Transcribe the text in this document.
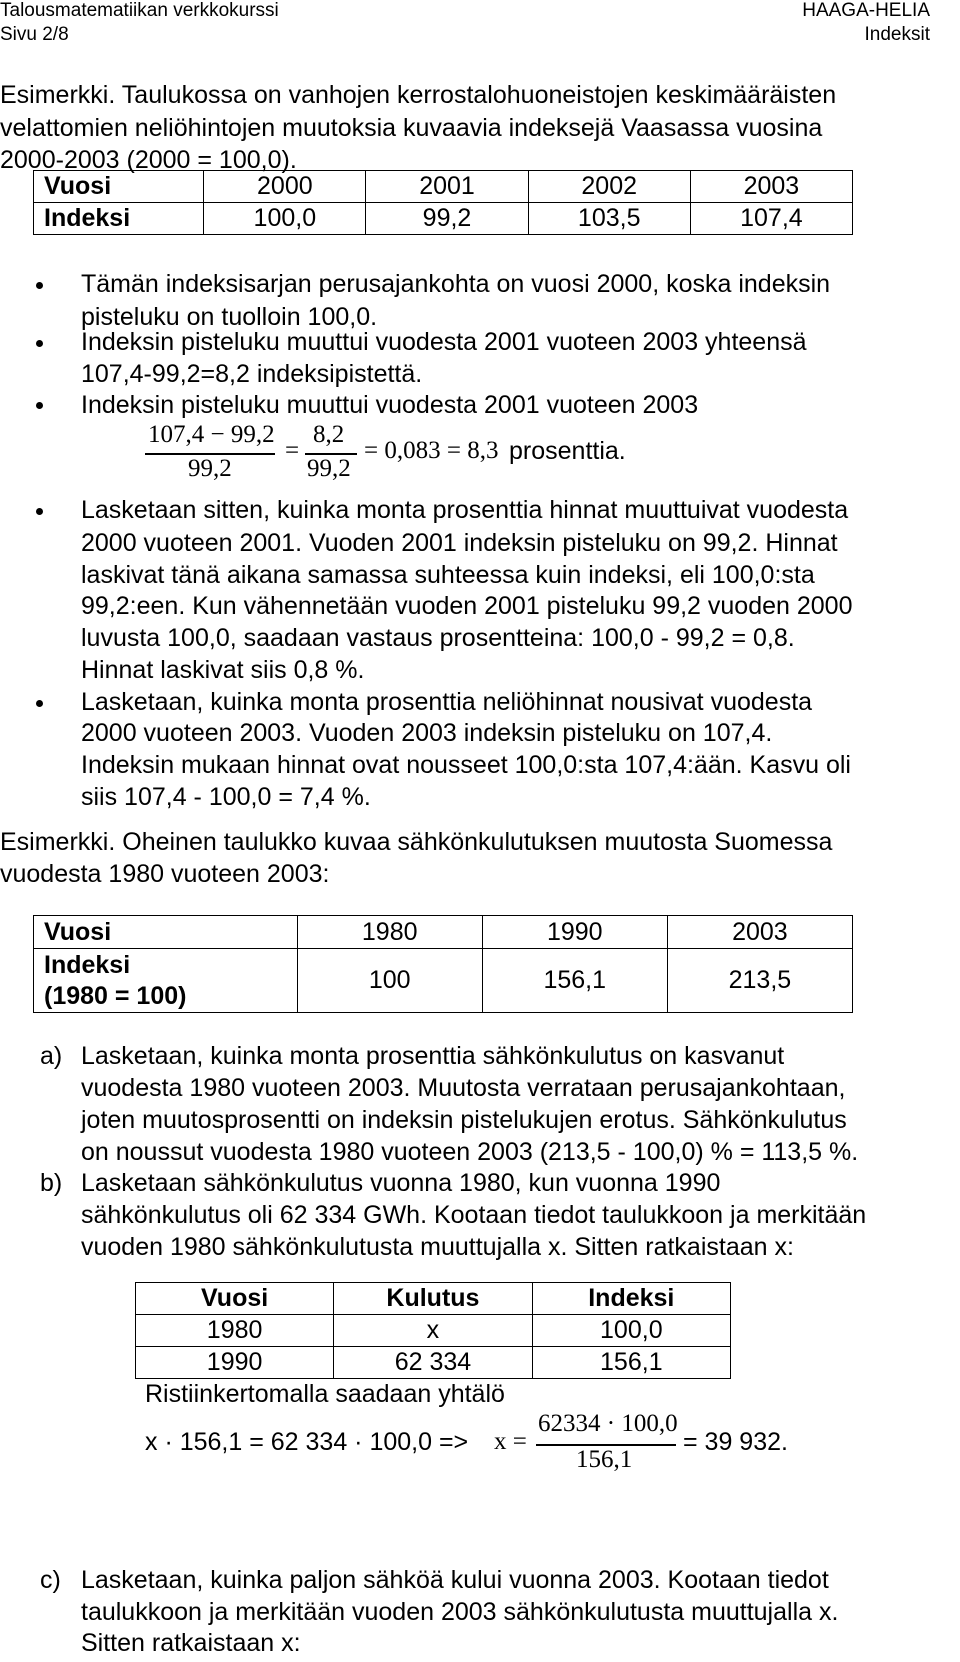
Talousmatematiikan verkkokurssi
Sivu 2/8
HAAGA-HELIA
Indeksit

Esimerkki. Taulukossa on vanhojen kerrostalohuoneistojen keskimääräisten

velattomien neliöhintojen muutoksia kuvaavia indeksejä Vaasassa vuosina

2000-2003 (2000 = 100,0).

Vuosi	2000	2001	2002	2003
Indeksi	100,0	99,2	103,5	107,4

Tämän indeksisarjan perusajankohta on vuosi 2000, koska indeksin

pisteluku on tuolloin 100,0.

Indeksin pisteluku muuttui vuodesta 2001 vuoteen 2003 yhteensä

107,4-99,2=8,2 indeksipistettä.

Indeksin pisteluku muuttui vuodesta 2001 vuoteen 2003

107,4 − 99,2
99,2
=
8,2
99,2
= 0,083 = 8,3 prosenttia.

Lasketaan sitten, kuinka monta prosenttia hinnat muuttuivat vuodesta

2000 vuoteen 2001. Vuoden 2001 indeksin pisteluku on 99,2. Hinnat

laskivat tänä aikana samassa suhteessa kuin indeksi, eli 100,0:sta

99,2:een. Kun vähennetään vuoden 2001 pisteluku 99,2 vuoden 2000

luvusta 100,0, saadaan vastaus prosentteina: 100,0 - 99,2 = 0,8.

Hinnat laskivat siis 0,8 %.

Lasketaan, kuinka monta prosenttia neliöhinnat nousivat vuodesta

2000 vuoteen 2003. Vuoden 2003 indeksin pisteluku on 107,4.

Indeksin mukaan hinnat ovat nousseet 100,0:sta 107,4:ään. Kasvu oli

siis 107,4 - 100,0 = 7,4 %.

Esimerkki. Oheinen taulukko kuvaa sähkönkulutuksen muutosta Suomessa

vuodesta 1980 vuoteen 2003:

Vuosi	1980	1990	2003

Indeksi
(1980 = 100)	100	156,1	213,5
a) Lasketaan, kuinka monta prosenttia sähkönkulutus on kasvanut

vuodesta 1980 vuoteen 2003. Muutosta verrataan perusajankohtaan,

joten muutosprosentti on indeksin pistelukujen erotus. Sähkönkulutus

on noussut vuodesta 1980 vuoteen 2003 (213,5 - 100,0) % = 113,5 %.

b) Lasketaan sähkönkulutus vuonna 1980, kun vuonna 1990

sähkönkulutus oli 62 334 GWh. Kootaan tiedot taulukkoon ja merkitään

vuoden 1980 sähkönkulutusta muuttujalla x. Sitten ratkaistaan x:

Vuosi	Kulutus	Indeksi
1980	x	100,0
1990	62 334	156,1

Ristiinkertomalla saadaan yhtälö

x · 156,1 = 62 334 · 100,0 => x =
62334 · 100,0
156,1
= 39 932.
c) Lasketaan, kuinka paljon sähköä kului vuonna 2003. Kootaan tiedot

taulukkoon ja merkitään vuoden 2003 sähkönkulutusta muuttujalla x.

Sitten ratkaistaan x:
